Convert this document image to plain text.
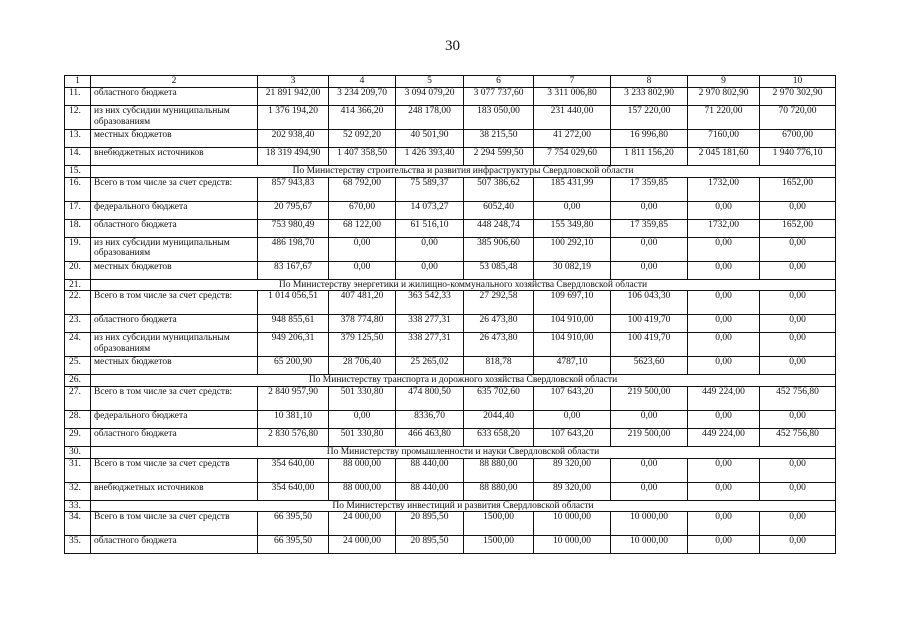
30
1	2	3	4	5	6	7	8	9	10
11.	областного бюджета	21 891 942,00	3 234 209,70	3 094 079,20	3 077 737,60	3 311 006,80	3 233 802,90	2 970 802,90	2 970 302,90
12.	из них субсидии муниципальным образованиям	1 376 194,20	414 366,20	248 178,00	183 050,00	231 440,00	157 220,00	71 220,00	70 720,00
13.	местных бюджетов	202 938,40	52 092,20	40 501,90	38 215,50	41 272,00	16 996,80	7160,00	6700,00
14.	внебюджетных источников	18 319 494,90	1 407 358,50	1 426 393,40	2 294 599,50	7 754 029,60	1 811 156,20	2 045 181,60	1 940 776,10
15.	По Министерству строительства и развития инфраструктуры Свердловской области								
16.	Всего в том числе за счет средств:	857 943,83	68 792,00	75 589,37	507 386,62	185 431,99	17 359,85	1732,00	1652,00
17.	федерального бюджета	20 795,67	670,00	14 073,27	6052,40	0,00	0,00	0,00	0,00
18.	областного бюджета	753 980,49	68 122,00	61 516,10	448 248,74	155 349,80	17 359,85	1732,00	1652,00
19.	из них субсидии муниципальным образованиям	486 198,70	0,00	0,00	385 906,60	100 292,10	0,00	0,00	0,00
20.	местных бюджетов	83 167,67	0,00	0,00	53 085,48	30 082,19	0,00	0,00	0,00
21.	По Министерству энергетики и жилищно-коммунального хозяйства Свердловской области								
22.	Всего в том числе за счет средств:	1 014 056,51	407 481,20	363 542,33	27 292,58	109 697,10	106 043,30	0,00	0,00
23.	областного бюджета	948 855,61	378 774,80	338 277,31	26 473,80	104 910,00	100 419,70	0,00	0,00
24.	из них субсидии муниципальным образованиям	949 206,31	379 125,50	338 277,31	26 473,80	104 910,00	100 419,70	0,00	0,00
25.	местных бюджетов	65 200,90	28 706,40	25 265,02	818,78	4787,10	5623,60	0,00	0,00
26.	По Министерству транспорта и дорожного хозяйства Свердловской области								
27.	Всего в том числе за счет средств:	2 840 957,90	501 330,80	474 800,50	635 702,60	107 643,20	219 500,00	449 224,00	452 756,80
28.	федерального бюджета	10 381,10	0,00	8336,70	2044,40	0,00	0,00	0,00	0,00
29.	областного бюджета	2 830 576,80	501 330,80	466 463,80	633 658,20	107 643,20	219 500,00	449 224,00	452 756,80
30.	По Министерству промышленности и науки Свердловской области								
31.	Всего в том числе за счет средств	354 640,00	88 000,00	88 440,00	88 880,00	89 320,00	0,00	0,00	0,00
32.	внебюджетных источников	354 640,00	88 000,00	88 440,00	88 880,00	89 320,00	0,00	0,00	0,00
33.	По Министерству инвестиций и развития Свердловской области								
34.	Всего в том числе за счет средств	66 395,50	24 000,00	20 895,50	1500,00	10 000,00	10 000,00	0,00	0,00
35.	областного бюджета	66 395,50	24 000,00	20 895,50	1500,00	10 000,00	10 000,00	0,00	0,00
